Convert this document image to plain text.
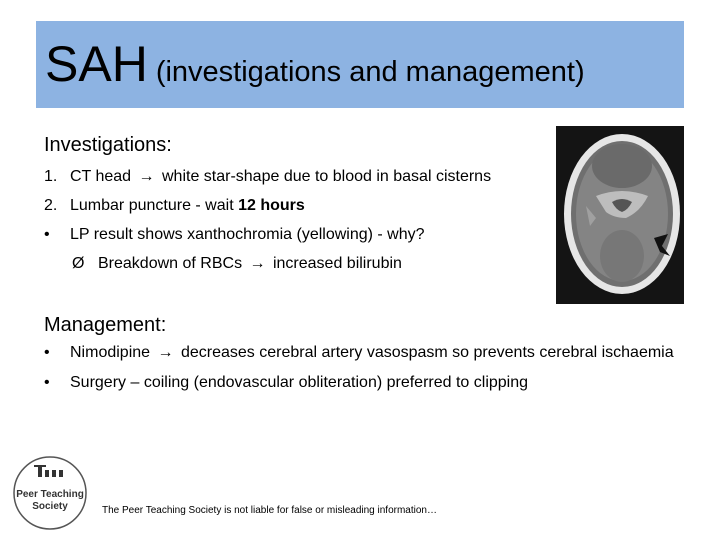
SAH (investigations and management)
Investigations:
1. CT head → white star-shape due to blood in basal cisterns
2. Lumbar puncture - wait 12 hours
• LP result shows xanthochromia (yellowing) - why?
Ø Breakdown of RBCs → increased bilirubin
Management:
• Nimodipine → decreases cerebral artery vasospasm so prevents cerebral ischaemia
• Surgery – coiling (endovascular obliteration) preferred to clipping
Peer Teaching
Society	The Peer Teaching Society is not liable for false or misleading information…
